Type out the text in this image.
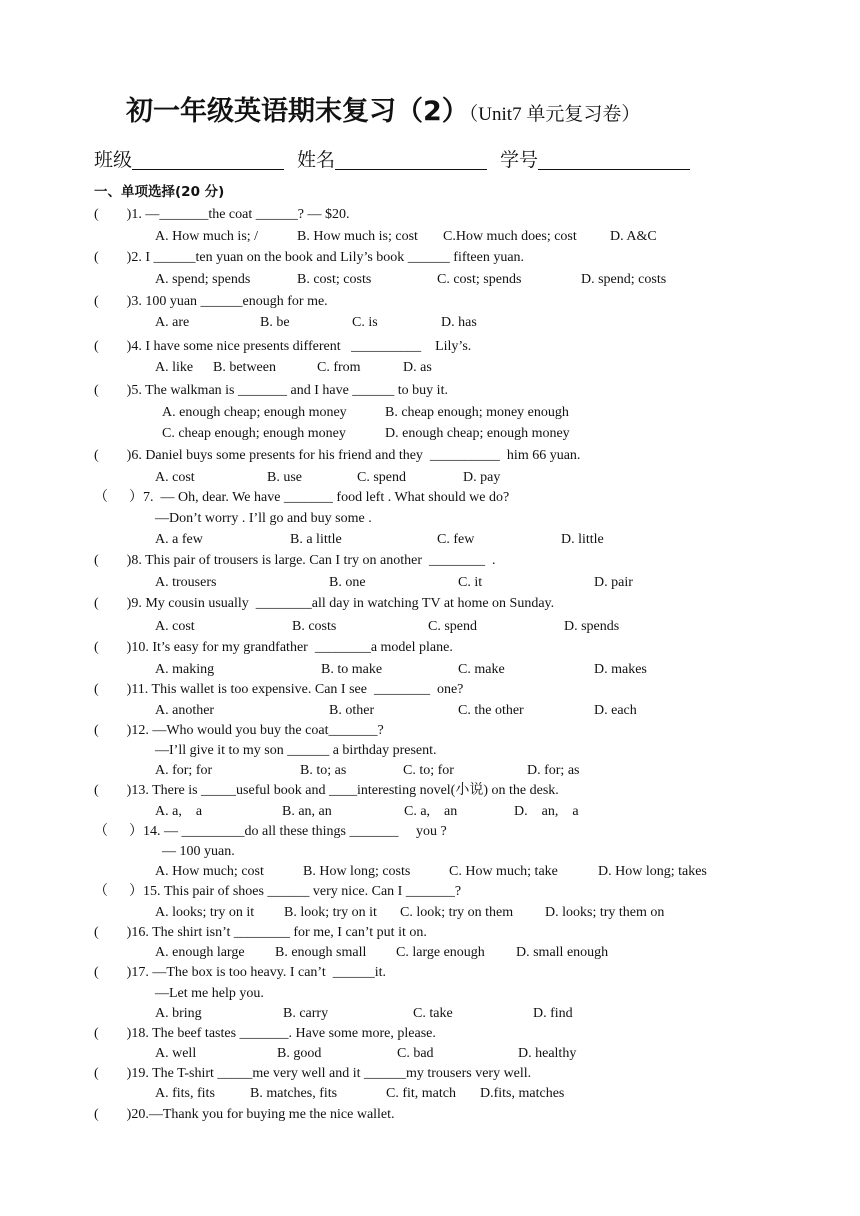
初一年级英语期末复习（2）（Unit7 单元复习卷）
班级	姓名	学号
一、单项选择(20 分)
(        )1. —_______the coat ______? — $20.
A. How much is; /	B. How much is; cost C.How much does; cost D. A&C
(        )2. I ______ten yuan on the book and Lily’s book ______ fifteen yuan.
A. spend; spends	B. cost; costs	C. cost; spends	D. spend; costs
(        )3. 100 yuan ______enough for me.
A. are	B. be	C. is	D. has
(        )4. I have some nice presents different   __________    Lily’s.
A. like B. between	C. from	D. as
(        )5. The walkman is _______ and I have ______ to buy it.
A. enough cheap; enough money	B. cheap enough; money enough
C. cheap enough; enough money	D. enough cheap; enough money
(        )6. Daniel buys some presents for his friend and they  __________  him 66 yuan.
A. cost	B. use	C. spend	D. pay
（      ）7.  — Oh, dear. We have _______ food left . What should we do?
—Don’t worry . I’ll go and buy some .
A. a few	B. a little	C. few	D. little
(        )8. This pair of trousers is large. Can I try on another  ________  .
A. trousers	B. one	C. it	D. pair
(        )9. My cousin usually  ________all day in watching TV at home on Sunday.
A. cost	B. costs	C. spend	D. spends
(        )10. It’s easy for my grandfather  ________a model plane.
A. making	B. to make	C. make	D. makes
(        )11. This wallet is too expensive. Can I see  ________  one?
A. another	B. other	C. the other	D. each
(        )12. —Who would you buy the coat_______?
—I’ll give it to my son ______ a birthday present.
A. for; for	B. to; as	C. to; for	D. for; as
(        )13. There is _____useful book and ____interesting novel(小说) on the desk.
A. a,    a	B. an, an	C. a,    an	D.    an,    a
（      ）14. — _________do all these things _______     you ?
— 100 yuan.
A. How much; cost	B. How long; costs	C. How much; take	D. How long; takes
（      ）15. This pair of shoes ______ very nice. Can I _______?
A. looks; try on it B. look; try on it C. look; try on them D. looks; try them on
(        )16. The shirt isn’t ________ for me, I can’t put it on.
A. enough large B. enough small C. large enough D. small enough
(        )17. —The box is too heavy. I can’t  ______it.
—Let me help you.
A. bring	B. carry	C. take	D. find
(        )18. The beef tastes _______. Have some more, please.
A. well	B. good	C. bad	D. healthy
(        )19. The T-shirt _____me very well and it ______my trousers very well.
A. fits, fits	B. matches, fits	C. fit, match D.fits, matches
(        )20.—Thank you for buying me the nice wallet.
